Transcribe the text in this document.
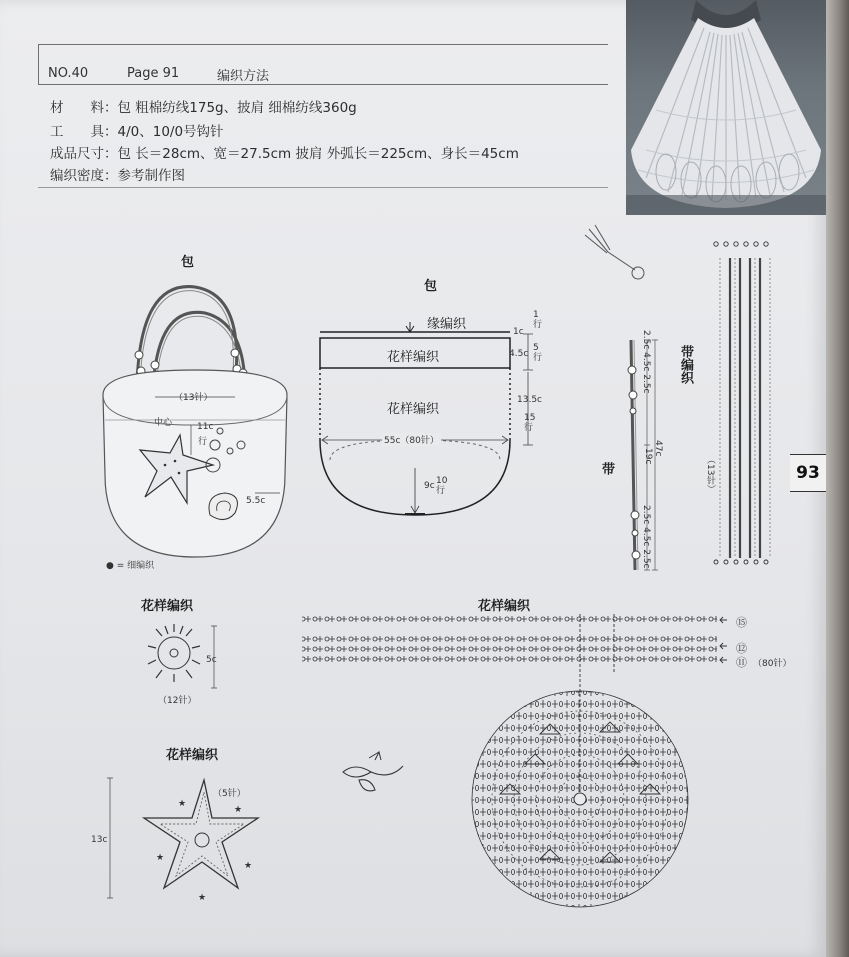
NO.40	Page 91	编织方法
材　　料：包 粗棉纺线175g、披肩 细棉纺线360g
工　　具：4/0、10/0号钩针
成品尺寸：包 长＝28cm、宽＝27.5cm 披肩 外弧长＝225cm、身长＝45cm
编织密度：参考制作图
93
包
（13针）
中心	11c
行
5.5c
● = 细编织
包
缘编织
花样编织
花样编织
55c（80针）
9c 10行
1c
1行
4.5c
5行
13.5c
15行
2.5c 4.5c 2.5c
19c 47c
2.5c 4.5c 2.5c
带
带编织
（13针）
花样编织
5c
（12针）
花样编织
⑮
⑫
⑪ （80针）
花样编织
★
★
★
★
★
（5针）
13c
